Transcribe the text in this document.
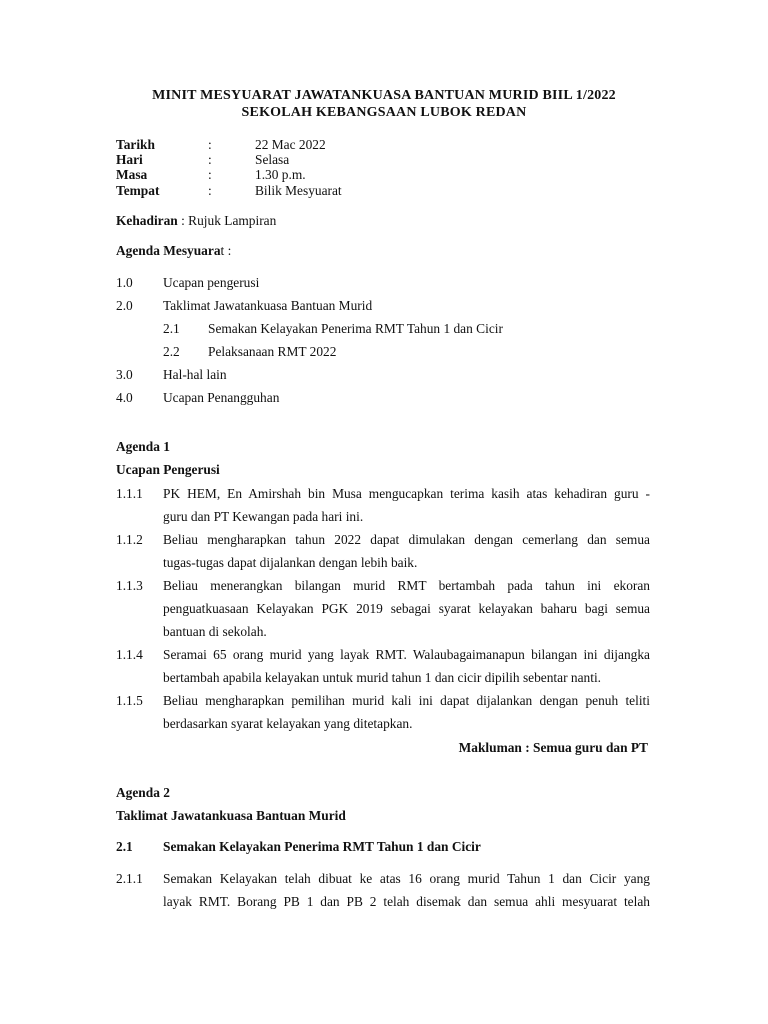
MINIT MESYUARAT JAWATANKUASA BANTUAN MURID BIIL 1/2022
SEKOLAH KEBANGSAAN LUBOK REDAN
Tarikh	:	22 Mac 2022
Hari	:	Selasa
Masa	:	1.30 p.m.
Tempat	:	Bilik Mesyuarat
Kehadiran : Rujuk Lampiran
Agenda Mesyuarat :
1.0 Ucapan pengerusi
2.0 Taklimat Jawatankuasa Bantuan Murid
2.1 Semakan Kelayakan Penerima RMT Tahun 1 dan Cicir
2.2 Pelaksanaan RMT 2022
3.0 Hal-hal lain
4.0 Ucapan Penangguhan
Agenda 1
Ucapan Pengerusi
1.1.1 PK HEM, En Amirshah bin Musa mengucapkan terima kasih atas kehadiran guru -
guru dan PT Kewangan pada hari ini.
1.1.2 Beliau mengharapkan tahun 2022 dapat dimulakan dengan cemerlang dan semua
tugas-tugas dapat dijalankan dengan lebih baik.
1.1.3 Beliau menerangkan bilangan murid RMT bertambah pada tahun ini ekoran
penguatkuasaan Kelayakan PGK 2019 sebagai syarat kelayakan baharu bagi semua
bantuan di sekolah.
1.1.4 Seramai 65 orang murid yang layak RMT. Walaubagaimanapun bilangan ini dijangka
bertambah apabila kelayakan untuk murid tahun 1 dan cicir dipilih sebentar nanti.
1.1.5 Beliau mengharapkan pemilihan murid kali ini dapat dijalankan dengan penuh teliti
berdasarkan syarat kelayakan yang ditetapkan.
Makluman : Semua guru dan PT
Agenda 2
Taklimat Jawatankuasa Bantuan Murid
2.1 Semakan Kelayakan Penerima RMT Tahun 1 dan Cicir
2.1.1 Semakan Kelayakan telah dibuat ke atas 16 orang murid Tahun 1 dan Cicir yang
layak RMT. Borang PB 1 dan PB 2 telah disemak dan semua ahli mesyuarat telah
